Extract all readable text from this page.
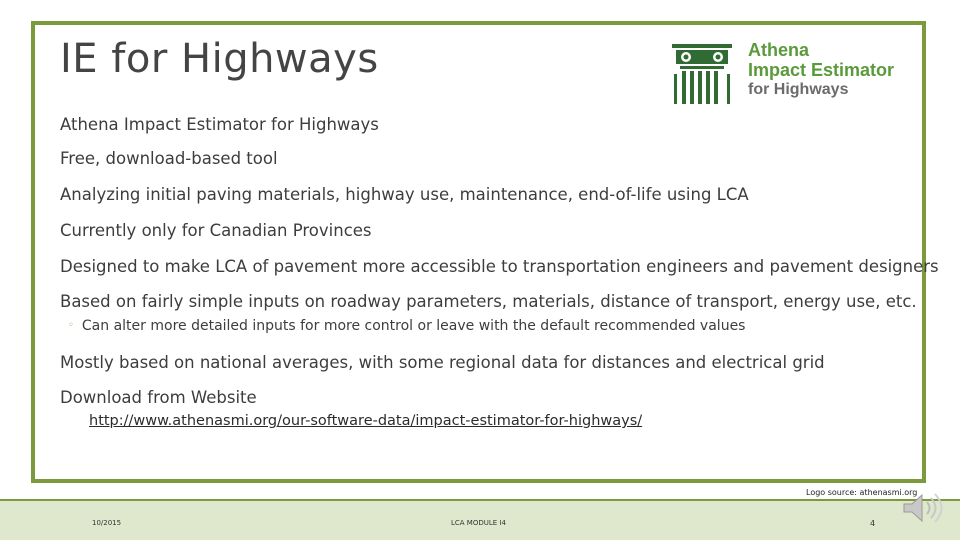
IE for Highways	Athena
Impact Estimator
for Highways
Athena Impact Estimator for Highways
Free, download-based tool
Analyzing initial paving materials, highway use, maintenance, end-of-life using LCA
Currently only for Canadian Provinces
Designed to make LCA of pavement more accessible to transportation engineers and pavement designers
Based on fairly simple inputs on roadway parameters, materials, distance of transport, energy use, etc.
◦ Can alter more detailed inputs for more control or leave with the default recommended values
Mostly based on national averages, with some regional data for distances and electrical grid
Download from Website
http://www.athenasmi.org/our-software-data/impact-estimator-for-highways/
Logo source: athenasmi.org
10/2015	LCA MODULE I4	4
